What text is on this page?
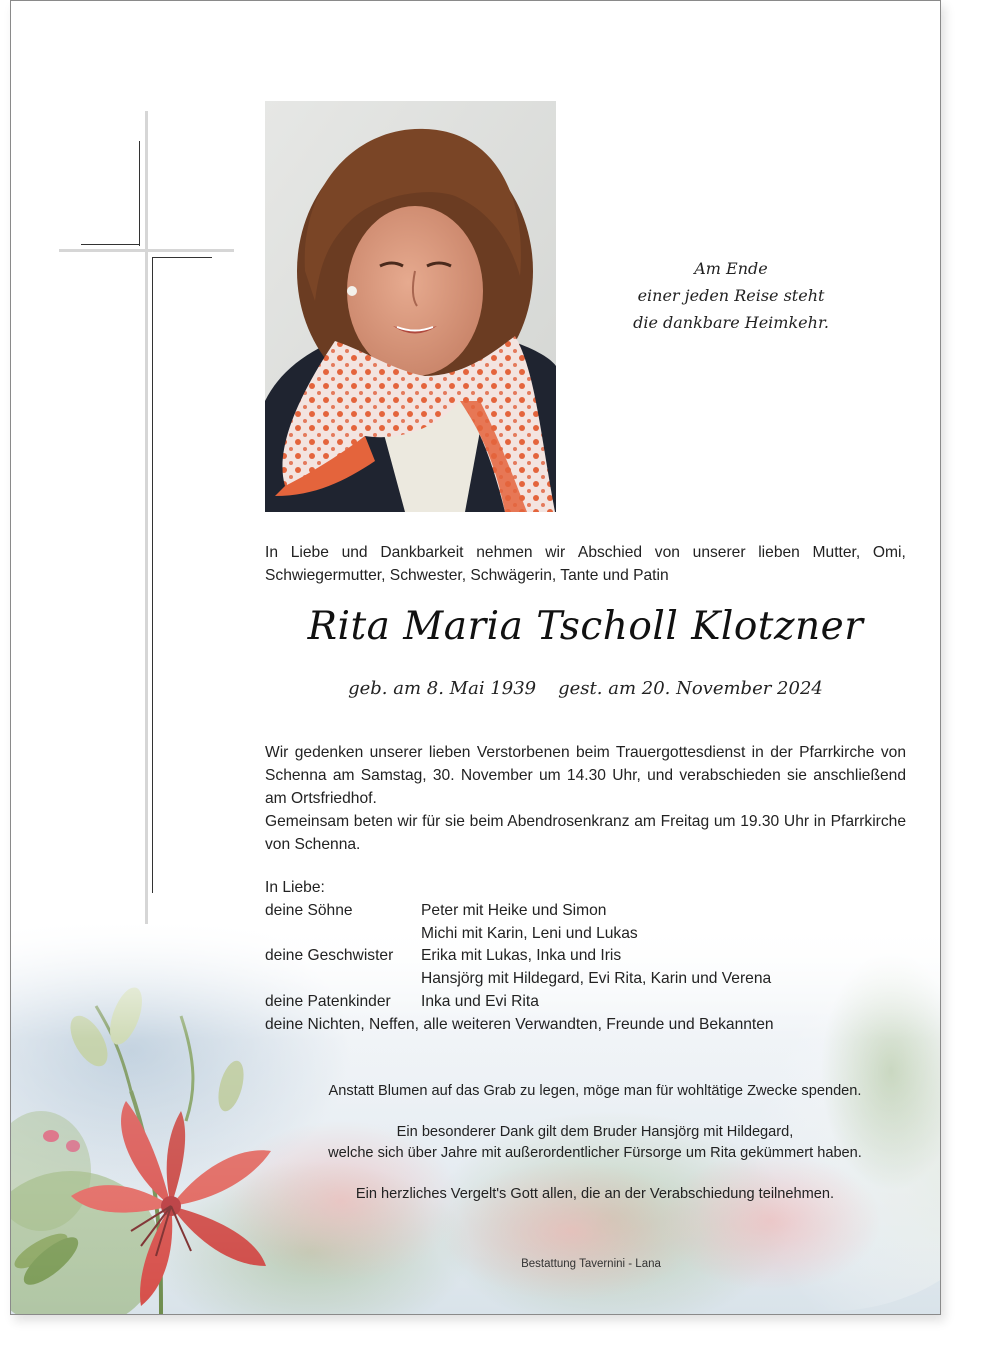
Am Ende
einer jeden Reise steht
die dankbare Heimkehr.
In Liebe und Dankbarkeit nehmen wir Abschied von unserer lieben Mutter, Omi,
Schwiegermutter, Schwester, Schwägerin, Tante und Patin
Rita Maria Tscholl Klotzner
geb. am 8. Mai 1939 gest. am 20. November 2024

Wir gedenken unserer lieben Verstorbenen beim Trauergottesdienst in der Pfarrkirche von Schenna am Samstag, 30. November um 14.30 Uhr, und verabschieden sie anschließend am Ortsfriedhof.

Gemeinsam beten wir für sie beim Abendrosenkranz am Freitag um 19.30 Uhr in Pfarrkirche von Schenna.

In Liebe:
deine Söhne	Peter mit Heike und Simon
Michi mit Karin, Leni und Lukas
deine Geschwister	Erika mit Lukas, Inka und Iris
Hansjörg mit Hildegard, Evi Rita, Karin und Verena
deine Patenkinder	Inka und Evi Rita
deine Nichten, Neffen, alle weiteren Verwandten, Freunde und Bekannten

Anstatt Blumen auf das Grab zu legen, möge man für wohltätige Zwecke spenden.

Ein besonderer Dank gilt dem Bruder Hansjörg mit Hildegard,
welche sich über Jahre mit außerordentlicher Fürsorge um Rita gekümmert haben.

Ein herzliches Vergelt's Gott allen, die an der Verabschiedung teilnehmen.

Bestattung Tavernini - Lana
